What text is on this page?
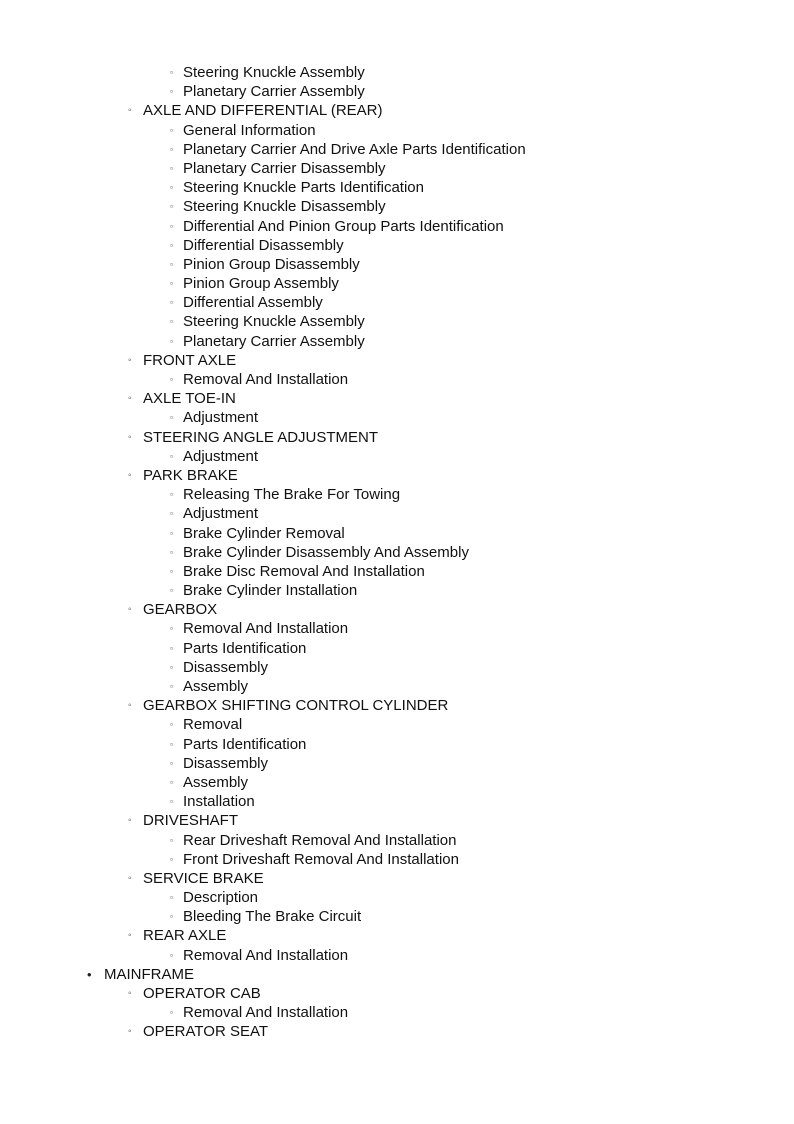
▫ Steering Knuckle Assembly
▫ Planetary Carrier Assembly
◦ AXLE AND DIFFERENTIAL (REAR)
▫ General Information
▫ Planetary Carrier And Drive Axle Parts Identification
▫ Planetary Carrier Disassembly
▫ Steering Knuckle Parts Identification
▫ Steering Knuckle Disassembly
▫ Differential And Pinion Group Parts Identification
▫ Differential Disassembly
▫ Pinion Group Disassembly
▫ Pinion Group Assembly
▫ Differential Assembly
▫ Steering Knuckle Assembly
▫ Planetary Carrier Assembly
◦ FRONT AXLE
▫ Removal And Installation
◦ AXLE TOE-IN
▫ Adjustment
◦ STEERING ANGLE ADJUSTMENT
▫ Adjustment
◦ PARK BRAKE
▫ Releasing The Brake For Towing
▫ Adjustment
▫ Brake Cylinder Removal
▫ Brake Cylinder Disassembly And Assembly
▫ Brake Disc Removal And Installation
▫ Brake Cylinder Installation
◦ GEARBOX
▫ Removal And Installation
▫ Parts Identification
▫ Disassembly
▫ Assembly
◦ GEARBOX SHIFTING CONTROL CYLINDER
▫ Removal
▫ Parts Identification
▫ Disassembly
▫ Assembly
▫ Installation
◦ DRIVESHAFT
▫ Rear Driveshaft Removal And Installation
▫ Front Driveshaft Removal And Installation
◦ SERVICE BRAKE
▫ Description
▫ Bleeding The Brake Circuit
◦ REAR AXLE
▫ Removal And Installation
• MAINFRAME
◦ OPERATOR CAB
▫ Removal And Installation
◦ OPERATOR SEAT
